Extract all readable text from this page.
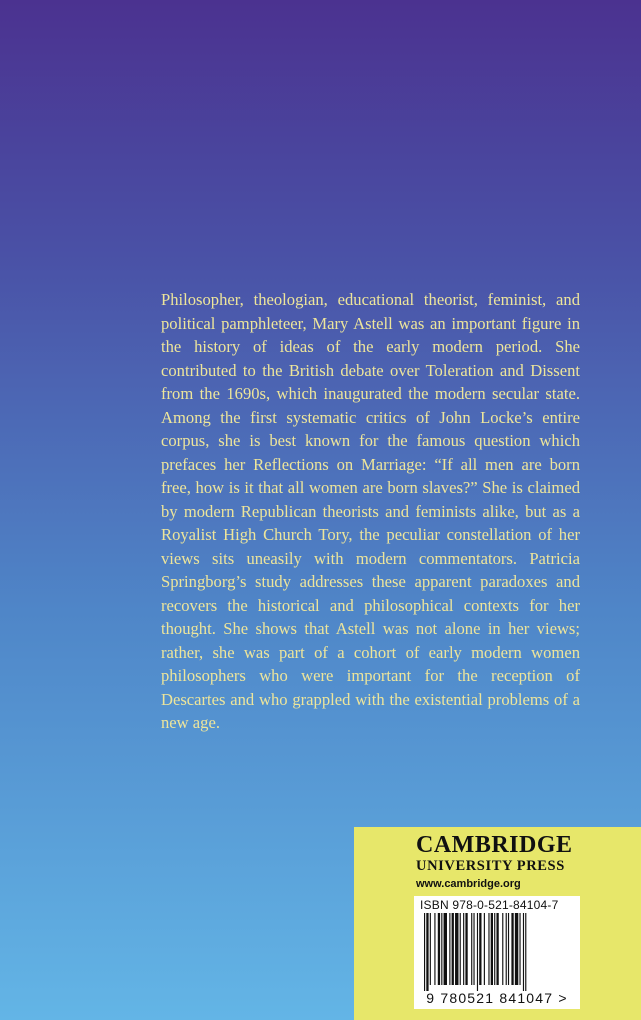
Philosopher, theologian, educational theorist, feminist, and political pamphleteer, Mary Astell was an important figure in the history of ideas of the early modern period. She contributed to the British debate over Toleration and Dissent from the 1690s, which inaugurated the modern secular state. Among the first systematic critics of John Locke’s entire corpus, she is best known for the famous question which prefaces her Reflections on Marriage: “If all men are born free, how is it that all women are born slaves?” She is claimed by modern Republican theorists and feminists alike, but as a Royalist High Church Tory, the peculiar constellation of her views sits uneasily with modern commentators. Patricia Springborg’s study addresses these apparent paradoxes and recovers the historical and philosophical contexts for her thought. She shows that Astell was not alone in her views; rather, she was part of a cohort of early modern women philosophers who were important for the reception of Descartes and who grappled with the existential problems of a new age.

CAMBRIDGE
UNIVERSITY PRESS
www.cambridge.org
ISBN 978-0-521-84104-7
9 780521 841047 >
